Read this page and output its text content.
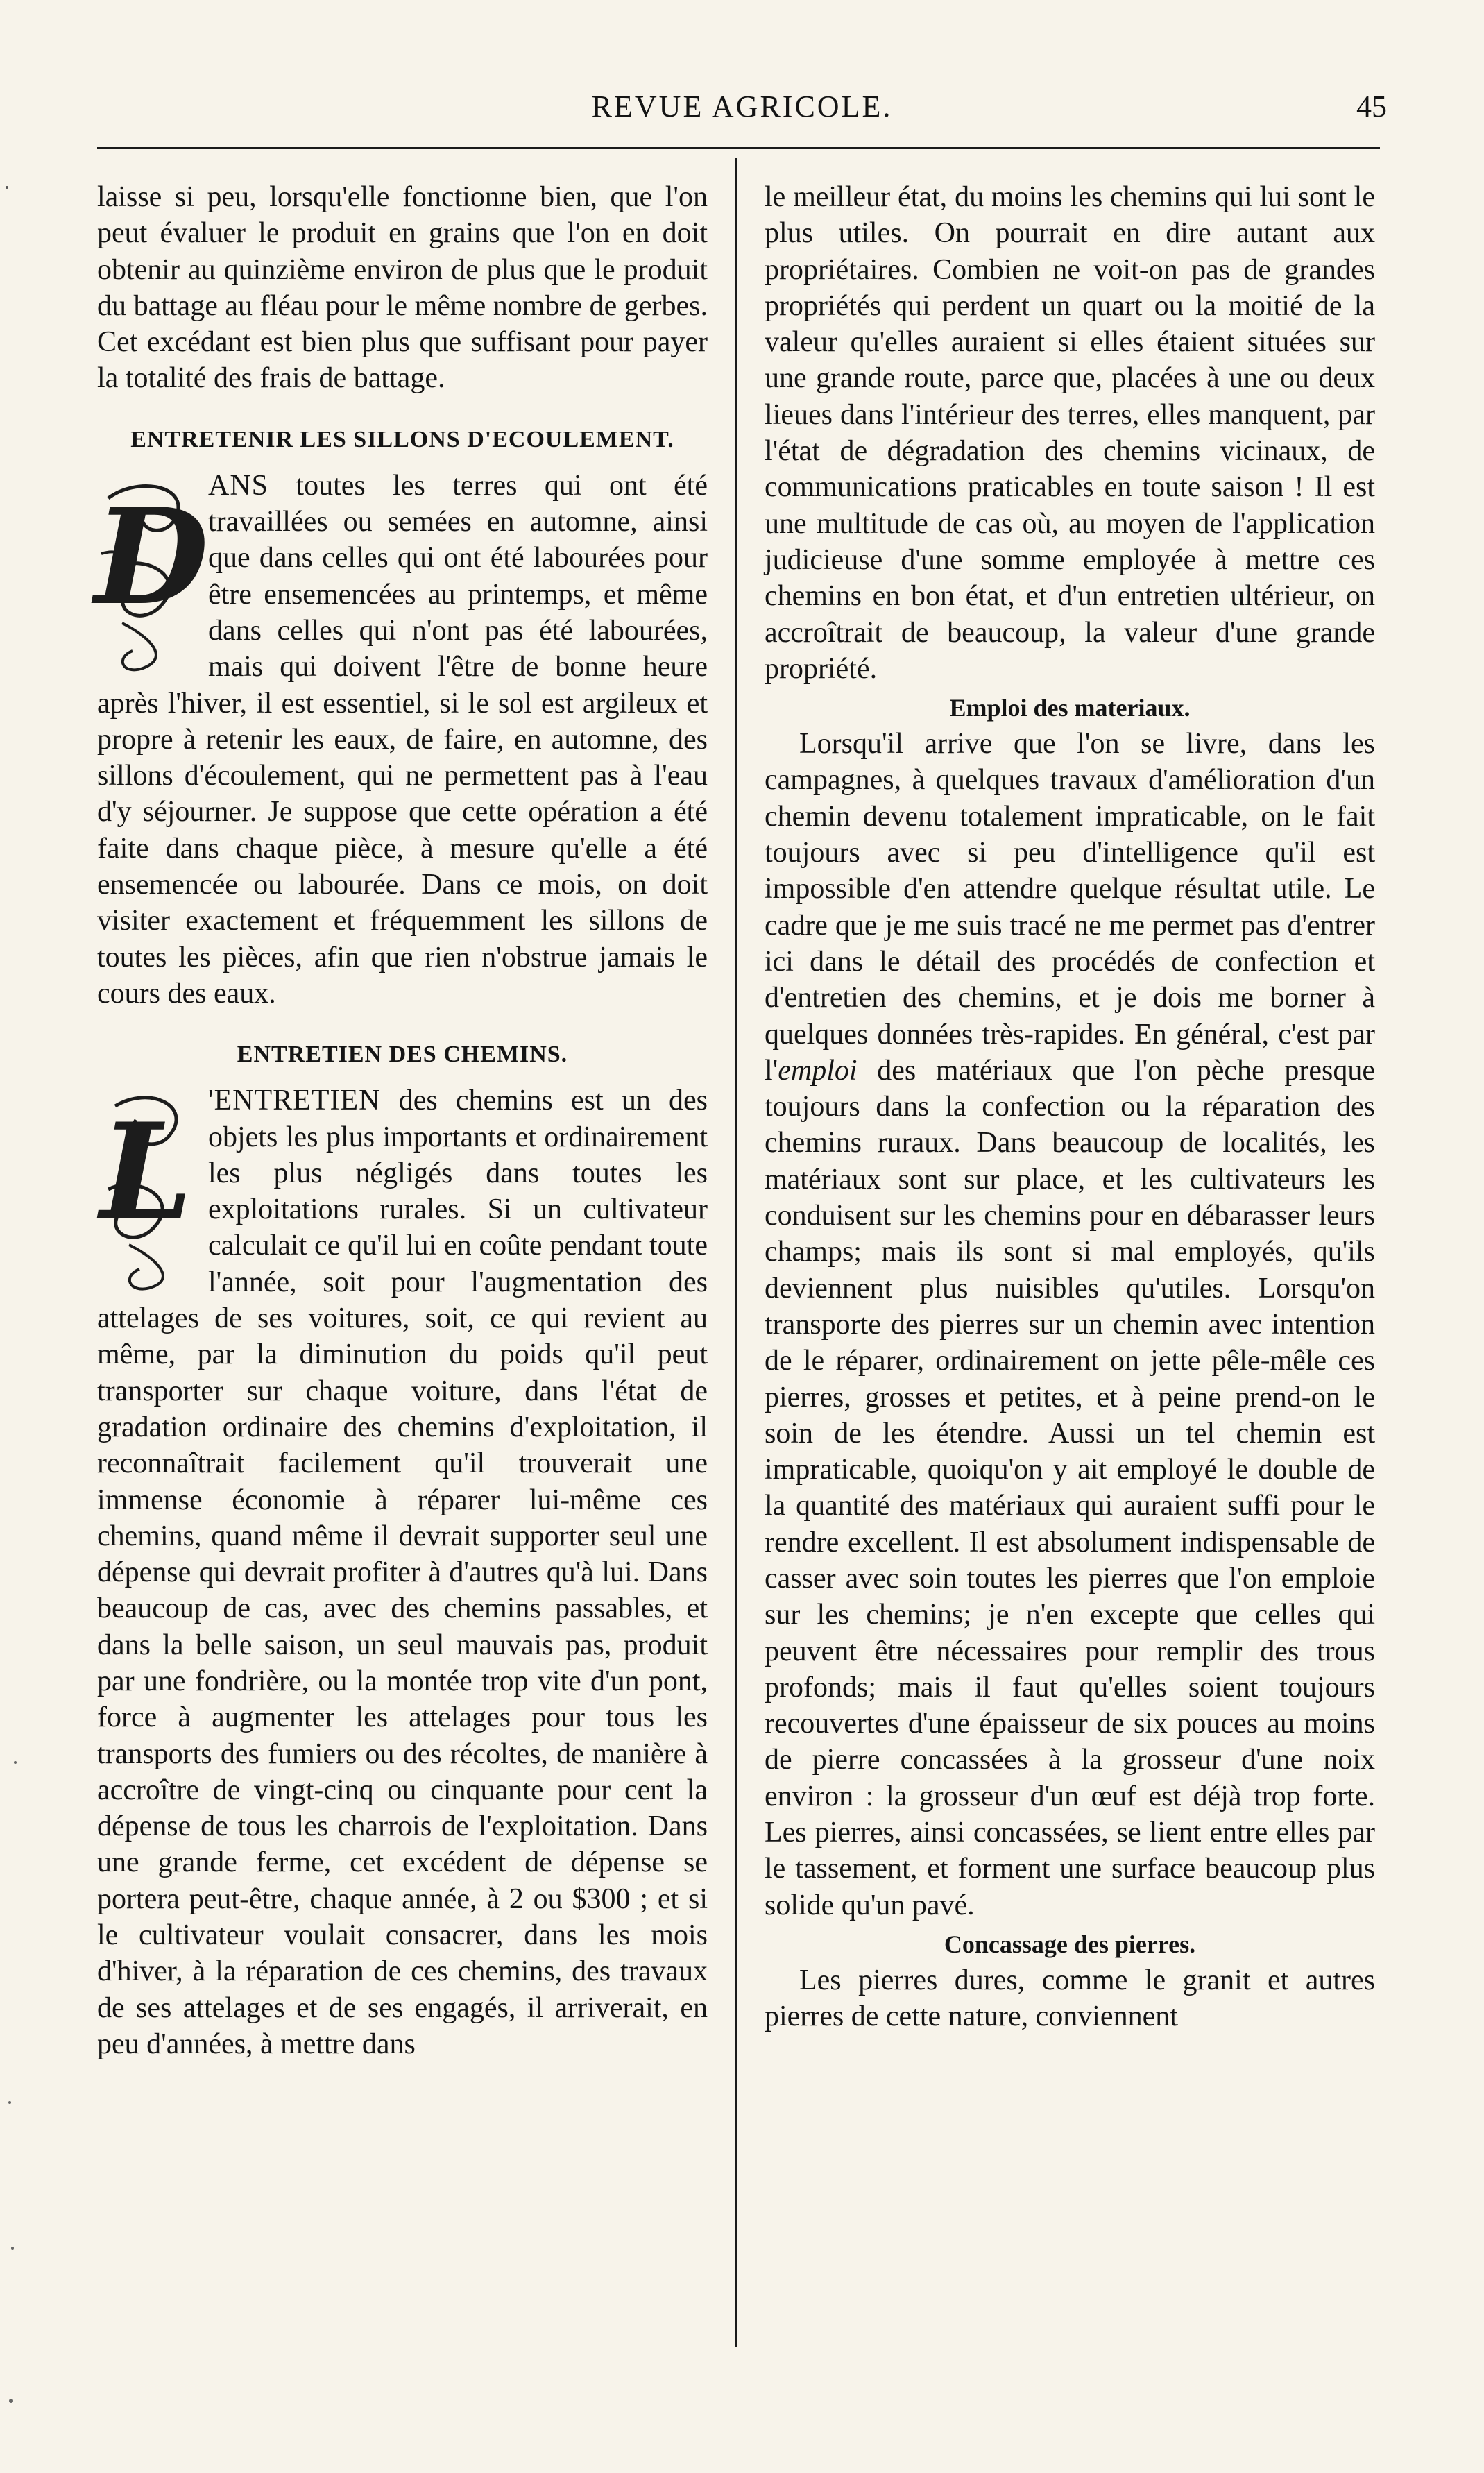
REVUE AGRICOLE.	45

laisse si peu, lorsqu'elle fonctionne bien, que l'on peut évaluer le produit en grains que l'on en doit obtenir au quinzième environ de plus que le produit du battage au fléau pour le même nombre de gerbes. Cet excédant est bien plus que suffisant pour payer la totalité des frais de battage.

ENTRETENIR LES SILLONS D'ECOULEMENT.

D ANS toutes les terres qui ont été travaillées ou semées en automne, ainsi que dans celles qui ont été labourées pour être ensemencées au printemps, et même dans celles qui n'ont pas été labourées, mais qui doivent l'être de bonne heure après l'hiver, il est essentiel, si le sol est argileux et propre à retenir les eaux, de faire, en automne, des sillons d'écoulement, qui ne permettent pas à l'eau d'y séjourner. Je suppose que cette opération a été faite dans chaque pièce, à mesure qu'elle a été ensemencée ou labourée. Dans ce mois, on doit visiter exactement et fréquemment les sillons de toutes les pièces, afin que rien n'obstrue jamais le cours des eaux.

ENTRETIEN DES CHEMINS.

L 'ENTRETIEN des chemins est un des objets les plus importants et ordinairement les plus négligés dans toutes les exploitations rurales. Si un cultivateur calculait ce qu'il lui en coûte pendant toute l'année, soit pour l'augmentation des attelages de ses voitures, soit, ce qui revient au même, par la diminution du poids qu'il peut transporter sur chaque voiture, dans l'état de gradation ordinaire des chemins d'exploitation, il reconnaîtrait facilement qu'il trouverait une immense économie à réparer lui-même ces chemins, quand même il devrait supporter seul une dépense qui devrait profiter à d'autres qu'à lui. Dans beaucoup de cas, avec des chemins passables, et dans la belle saison, un seul mauvais pas, produit par une fondrière, ou la montée trop vite d'un pont, force à augmenter les attelages pour tous les transports des fumiers ou des récoltes, de manière à accroître de vingt-cinq ou cinquante pour cent la dépense de tous les charrois de l'exploitation. Dans une grande ferme, cet excédent de dépense se portera peut-être, chaque année, à 2 ou $300 ; et si le cultivateur voulait consacrer, dans les mois d'hiver, à la réparation de ces chemins, des travaux de ses attelages et de ses engagés, il arriverait, en peu d'années, à mettre dans

le meilleur état, du moins les chemins qui lui sont le plus utiles. On pourrait en dire autant aux propriétaires. Combien ne voit-on pas de grandes propriétés qui perdent un quart ou la moitié de la valeur qu'elles auraient si elles étaient situées sur une grande route, parce que, placées à une ou deux lieues dans l'intérieur des terres, elles manquent, par l'état de dégradation des chemins vicinaux, de communications praticables en toute saison ! Il est une multitude de cas où, au moyen de l'application judicieuse d'une somme employée à mettre ces chemins en bon état, et d'un entretien ultérieur, on accroîtrait de beaucoup, la valeur d'une grande propriété.

Emploi des materiaux.

Lorsqu'il arrive que l'on se livre, dans les campagnes, à quelques travaux d'amélioration d'un chemin devenu totalement impraticable, on le fait toujours avec si peu d'intelligence qu'il est impossible d'en attendre quelque résultat utile. Le cadre que je me suis tracé ne me permet pas d'entrer ici dans le détail des procédés de confection et d'entretien des chemins, et je dois me borner à quelques données très-rapides. En général, c'est par l'emploi des matériaux que l'on pèche presque toujours dans la confection ou la réparation des chemins ruraux. Dans beaucoup de localités, les matériaux sont sur place, et les cultivateurs les conduisent sur les chemins pour en débarasser leurs champs; mais ils sont si mal employés, qu'ils deviennent plus nuisibles qu'utiles. Lorsqu'on transporte des pierres sur un chemin avec intention de le réparer, ordinairement on jette pêle-mêle ces pierres, grosses et petites, et à peine prend-on le soin de les étendre. Aussi un tel chemin est impraticable, quoiqu'on y ait employé le double de la quantité des matériaux qui auraient suffi pour le rendre excellent. Il est absolument indispensable de casser avec soin toutes les pierres que l'on emploie sur les chemins; je n'en excepte que celles qui peuvent être nécessaires pour remplir des trous profonds; mais il faut qu'elles soient toujours recouvertes d'une épaisseur de six pouces au moins de pierre concassées à la grosseur d'une noix environ : la grosseur d'un œuf est déjà trop forte. Les pierres, ainsi concassées, se lient entre elles par le tassement, et forment une surface beaucoup plus solide qu'un pavé.

Concassage des pierres.

Les pierres dures, comme le granit et autres pierres de cette nature, conviennent
